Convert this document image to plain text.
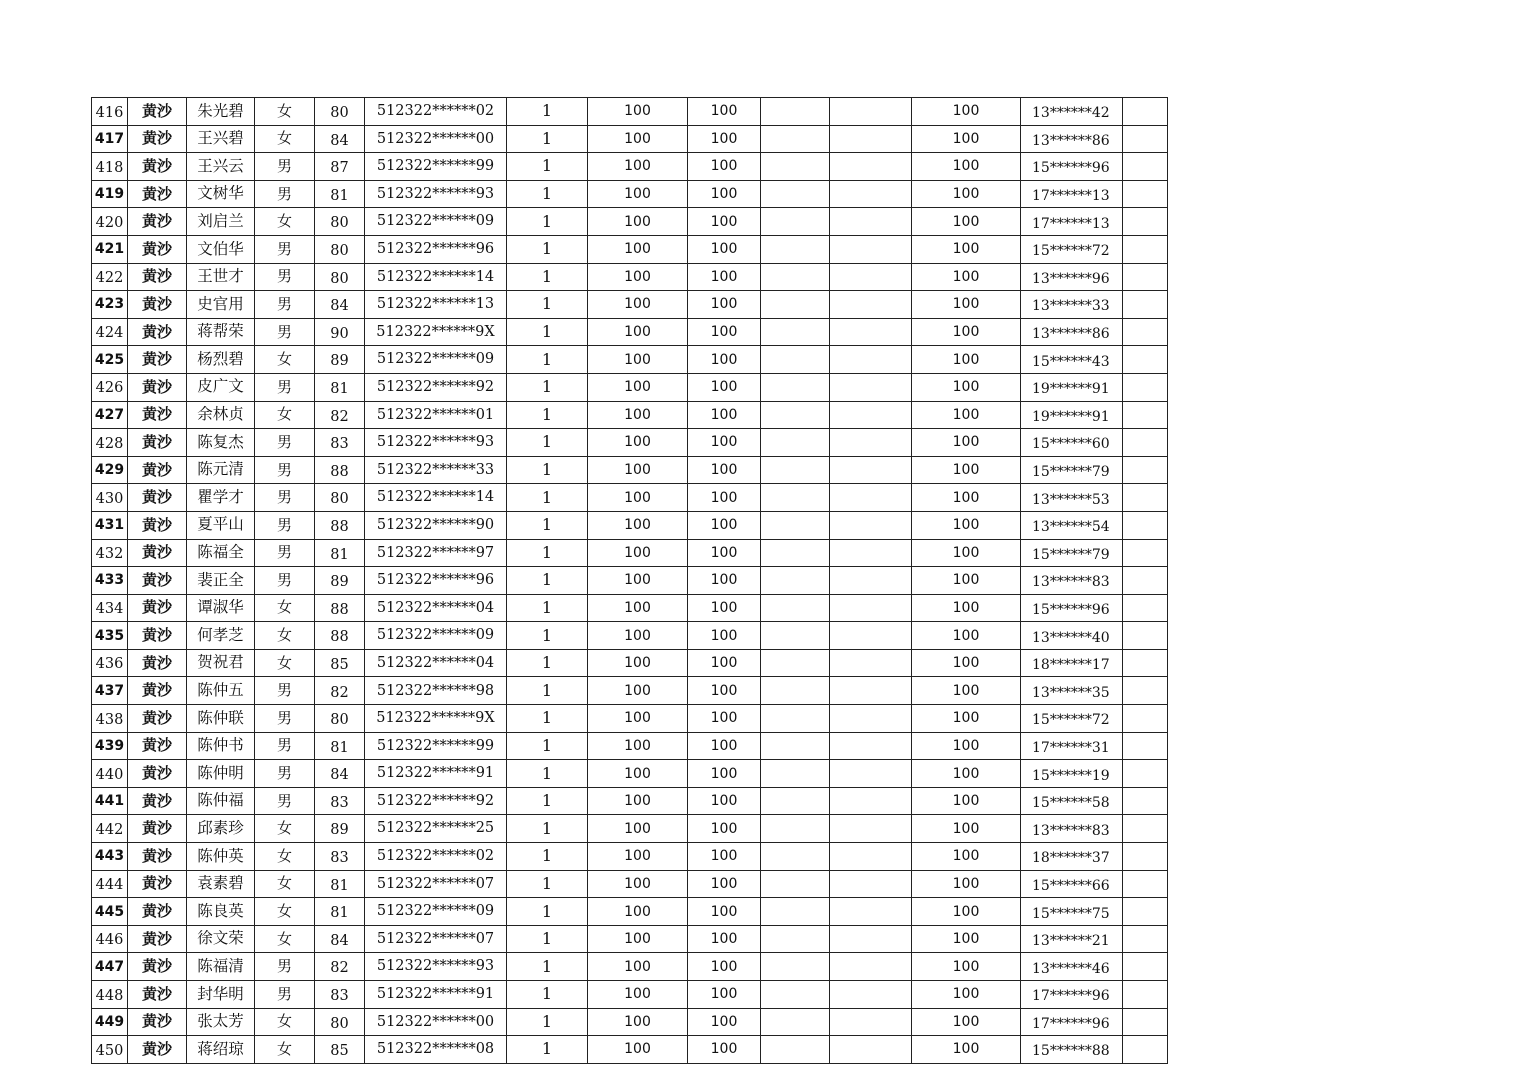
416	黄沙	朱光碧	女	80	512322******02	1	100	100			100	13******42	
417	黄沙	王兴碧	女	84	512322******00	1	100	100			100	13******86	
418	黄沙	王兴云	男	87	512322******99	1	100	100			100	15******96	
419	黄沙	文树华	男	81	512322******93	1	100	100			100	17******13	
420	黄沙	刘启兰	女	80	512322******09	1	100	100			100	17******13	
421	黄沙	文伯华	男	80	512322******96	1	100	100			100	15******72	
422	黄沙	王世才	男	80	512322******14	1	100	100			100	13******96	
423	黄沙	史官用	男	84	512322******13	1	100	100			100	13******33	
424	黄沙	蒋帮荣	男	90	512322******9X	1	100	100			100	13******86	
425	黄沙	杨烈碧	女	89	512322******09	1	100	100			100	15******43	
426	黄沙	皮广文	男	81	512322******92	1	100	100			100	19******91	
427	黄沙	余林贞	女	82	512322******01	1	100	100			100	19******91	
428	黄沙	陈复杰	男	83	512322******93	1	100	100			100	15******60	
429	黄沙	陈元清	男	88	512322******33	1	100	100			100	15******79	
430	黄沙	瞿学才	男	80	512322******14	1	100	100			100	13******53	
431	黄沙	夏平山	男	88	512322******90	1	100	100			100	13******54	
432	黄沙	陈福全	男	81	512322******97	1	100	100			100	15******79	
433	黄沙	裴正全	男	89	512322******96	1	100	100			100	13******83	
434	黄沙	谭淑华	女	88	512322******04	1	100	100			100	15******96	
435	黄沙	何孝芝	女	88	512322******09	1	100	100			100	13******40	
436	黄沙	贺祝君	女	85	512322******04	1	100	100			100	18******17	
437	黄沙	陈仲五	男	82	512322******98	1	100	100			100	13******35	
438	黄沙	陈仲联	男	80	512322******9X	1	100	100			100	15******72	
439	黄沙	陈仲书	男	81	512322******99	1	100	100			100	17******31	
440	黄沙	陈仲明	男	84	512322******91	1	100	100			100	15******19	
441	黄沙	陈仲福	男	83	512322******92	1	100	100			100	15******58	
442	黄沙	邱素珍	女	89	512322******25	1	100	100			100	13******83	
443	黄沙	陈仲英	女	83	512322******02	1	100	100			100	18******37	
444	黄沙	袁素碧	女	81	512322******07	1	100	100			100	15******66	
445	黄沙	陈良英	女	81	512322******09	1	100	100			100	15******75	
446	黄沙	徐文荣	女	84	512322******07	1	100	100			100	13******21	
447	黄沙	陈福清	男	82	512322******93	1	100	100			100	13******46	
448	黄沙	封华明	男	83	512322******91	1	100	100			100	17******96	
449	黄沙	张太芳	女	80	512322******00	1	100	100			100	17******96	
450	黄沙	蒋绍琼	女	85	512322******08	1	100	100			100	15******88	
